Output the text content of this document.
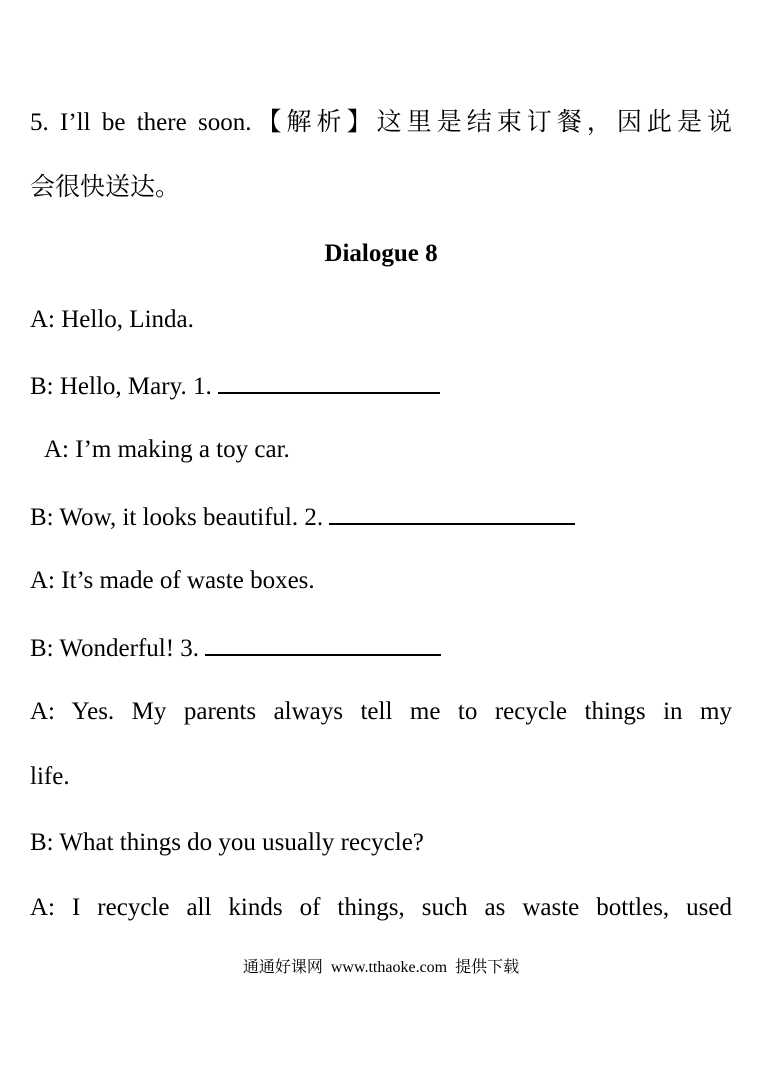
5. I’ll be there soon.【解析】这里是结束订餐，因此是说
会很快送达。
Dialogue 8
A: Hello, Linda.
B: Hello, Mary. 1.
A: I’m making a toy car.
B: Wow, it looks beautiful. 2.
A: It’s made of waste boxes.
B: Wonderful! 3.
A: Yes. My parents always tell me to recycle things in my
life.
B: What things do you usually recycle?
A: I recycle all kinds of things, such as waste bottles, used
通通好课网 www.tthaoke.com 提供下载
